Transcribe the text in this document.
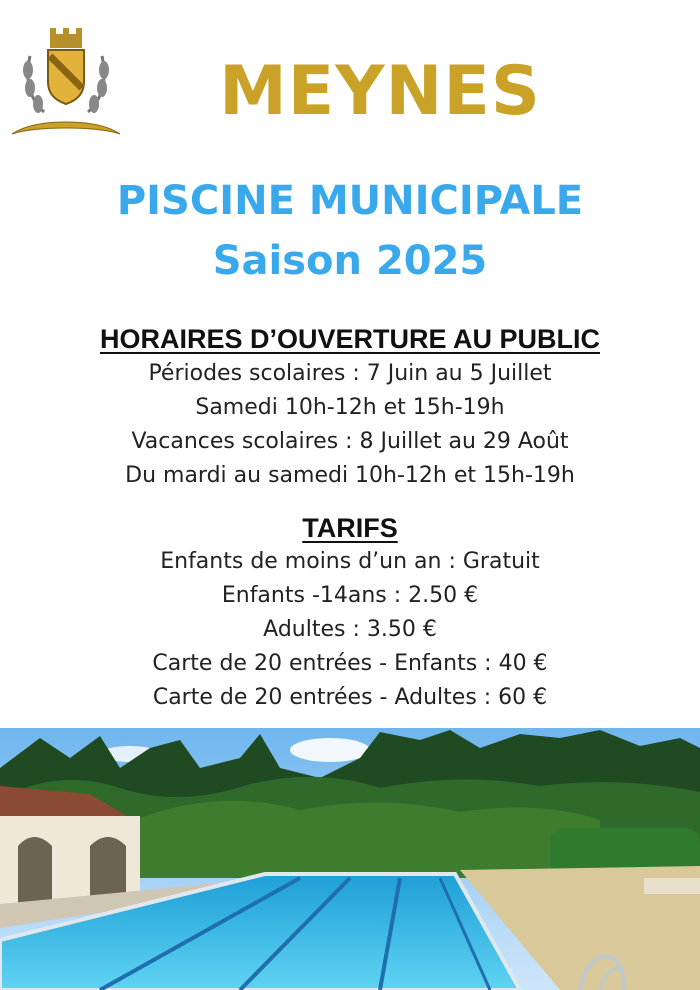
MEYNES
PISCINE MUNICIPALE
Saison 2025
HORAIRES D’OUVERTURE AU PUBLIC
Périodes scolaires : 7 Juin au 5 Juillet
Samedi 10h-12h et 15h-19h
Vacances scolaires : 8 Juillet au 29 Août
Du mardi au samedi 10h-12h et 15h-19h
TARIFS
Enfants de moins d’un an : Gratuit
Enfants -14ans : 2.50 €
Adultes : 3.50 €
Carte de 20 entrées - Enfants : 40 €
Carte de 20 entrées - Adultes : 60 €
